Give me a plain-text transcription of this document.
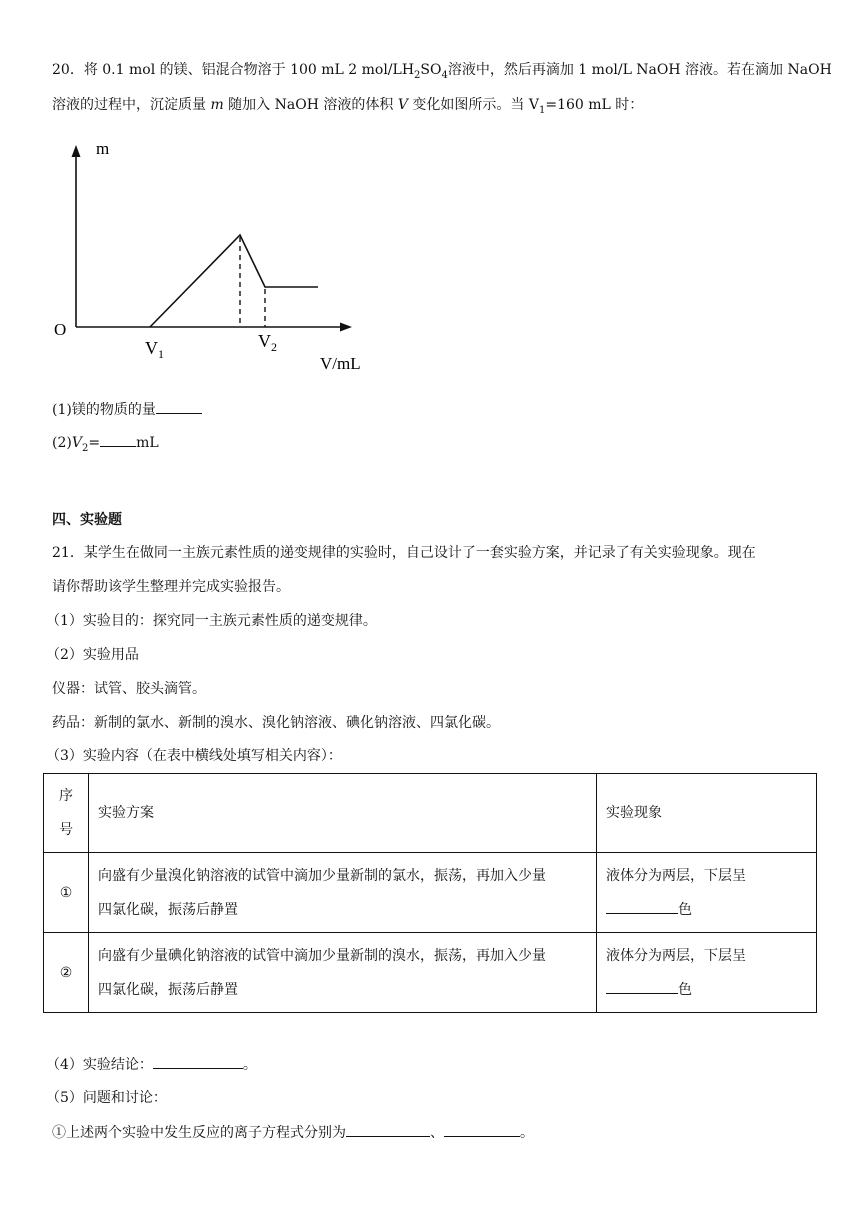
20．将 0.1 mol 的镁、铝混合物溶于 100 mL 2 mol/$LH_2SO_4$溶液中，然后再滴加 1 mol/L NaOH 溶液。若在滴加 NaOH
溶液的过程中，沉淀质量 m 随加入 NaOH 溶液的体积 V 变化如图所示。当 $V_1=160$ mL 时：
m
O
$V_1$
$V_2$
V/mL
(1)镁的物质的量
$(2)V_2=$	mL
四、实验题
21．某学生在做同一主族元素性质的递变规律的实验时，自己设计了一套实验方案，并记录了有关实验现象。现在
请你帮助该学生整理并完成实验报告。
（1）实验目的：探究同一主族元素性质的递变规律。
（2）实验用品
仪器：试管、胶头滴管。
药品：新制的氯水、新制的溴水、溴化钠溶液、碘化钠溶液、四氯化碳。
（3）实验内容（在表中横线处填写相关内容）：
序
号	实验方案	实验现象
①	向盛有少量溴化钠溶液的试管中滴加少量新制的氯水，振荡，再加入少量
四氯化碳，振荡后静置	液体分为两层，下层呈
色
②	向盛有少量碘化钠溶液的试管中滴加少量新制的溴水，振荡，再加入少量
四氯化碳，振荡后静置	液体分为两层，下层呈
色
（4）实验结论：	。
（5）问题和讨论：
①上述两个实验中发生反应的离子方程式分别为	、	。
